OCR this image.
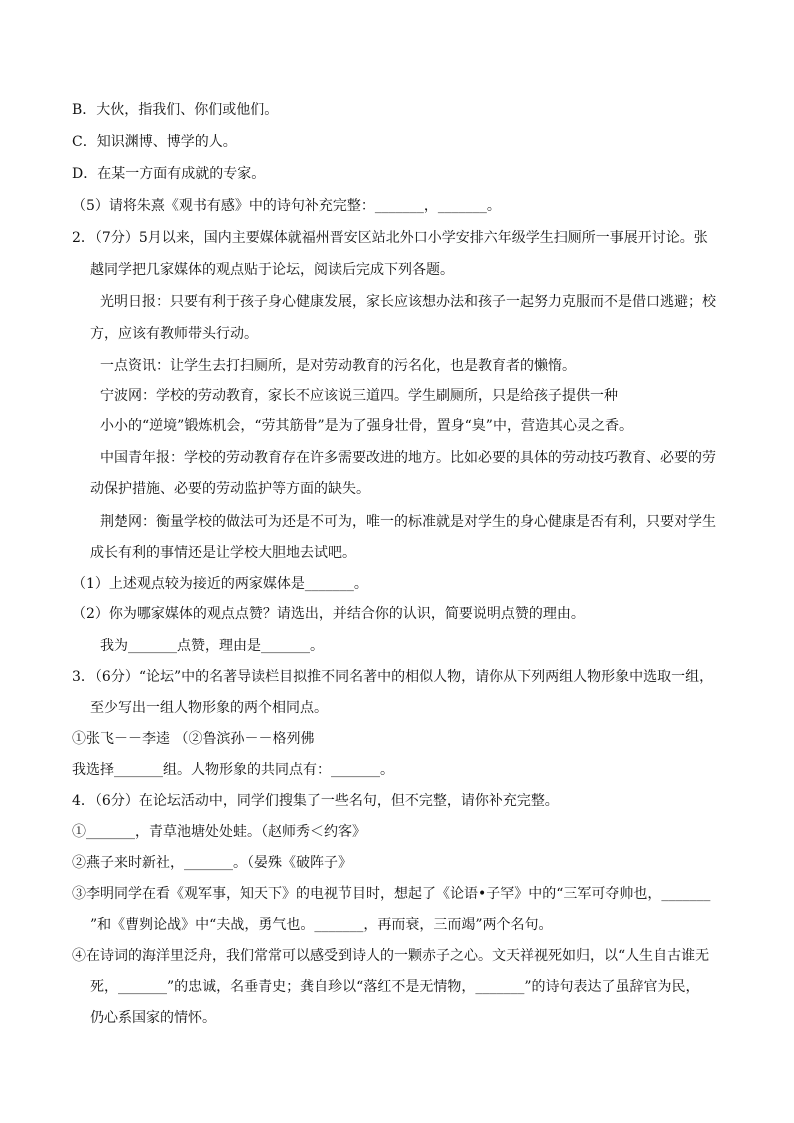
B．大伙，指我们、你们或他们。
C．知识渊博、博学的人。
D．在某一方面有成就的专家。
（5）请将朱熹《观书有感》中的诗句补充完整：_______，_______。
2．（7分）5月以来，国内主要媒体就福州晋安区站北外口小学安排六年级学生扫厕所一事展开讨论。张
越同学把几家媒体的观点贴于论坛，阅读后完成下列各题。
光明日报：只要有利于孩子身心健康发展，家长应该想办法和孩子一起努力克服而不是借口逃避；校
方，应该有教师带头行动。
一点资讯：让学生去打扫厕所，是对劳动教育的污名化，也是教育者的懒惰。
宁波网：学校的劳动教育，家长不应该说三道四。学生刷厕所，只是给孩子提供一种
小小的“逆境”锻炼机会，“劳其筋骨”是为了强身壮骨，置身“臭”中，营造其心灵之香。
中国青年报：学校的劳动教育存在许多需要改进的地方。比如必要的具体的劳动技巧教育、必要的劳
动保护措施、必要的劳动监护等方面的缺失。
荆楚网：衡量学校的做法可为还是不可为，唯一的标准就是对学生的身心健康是否有利，只要对学生
成长有利的事情还是让学校大胆地去试吧。
（1）上述观点较为接近的两家媒体是_______。
（2）你为哪家媒体的观点点赞？请选出，并结合你的认识，简要说明点赞的理由。
我为_______点赞，理由是_______。
3．（6分）“论坛”中的名著导读栏目拟推不同名著中的相似人物，请你从下列两组人物形象中选取一组，
至少写出一组人物形象的两个相同点。
①张飞－－李逵 （②鲁滨孙－－格列佛
我选择_______组。人物形象的共同点有：_______。
4．（6分）在论坛活动中，同学们搜集了一些名句，但不完整，请你补充完整。
①_______，青草池塘处处蛙。（赵师秀＜约客》
②燕子来时新社，_______。（晏殊《破阵子》
③李明同学在看《观军事，知天下》的电视节目时，想起了《论语•子罕》中的“三军可夺帅也，_______
”和《曹刿论战》中“夫战，勇气也。_______，再而衰，三而竭”两个名句。
④在诗词的海洋里泛舟，我们常常可以感受到诗人的一颗赤子之心。文天祥视死如归，以“人生自古谁无
死，_______”的忠诚，名垂青史；龚自珍以“落红不是无情物，_______”的诗句表达了虽辞官为民，
仍心系国家的情怀。
